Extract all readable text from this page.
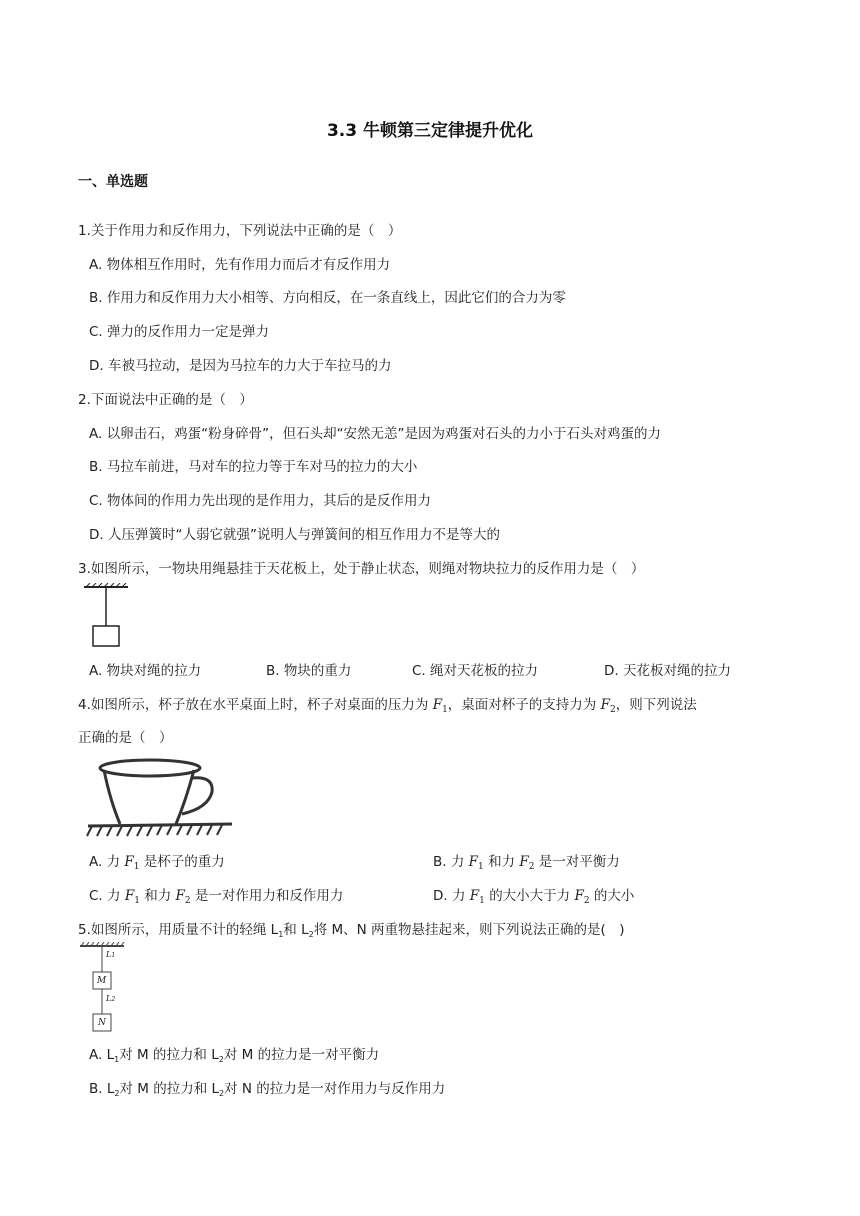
3.3 牛顿第三定律提升优化
一、单选题
1.关于作用力和反作用力，下列说法中正确的是（　）
A. 物体相互作用时，先有作用力而后才有反作用力
B. 作用力和反作用力大小相等、方向相反，在一条直线上，因此它们的合力为零
C. 弹力的反作用力一定是弹力
D. 车被马拉动，是因为马拉车的力大于车拉马的力
2.下面说法中正确的是（　）
A. 以卵击石，鸡蛋“粉身碎骨”，但石头却“安然无恙”是因为鸡蛋对石头的力小于石头对鸡蛋的力
B. 马拉车前进，马对车的拉力等于车对马的拉力的大小
C. 物体间的作用力先出现的是作用力，其后的是反作用力
D. 人压弹簧时“人弱它就强”说明人与弹簧间的相互作用力不是等大的
3.如图所示，一物块用绳悬挂于天花板上，处于静止状态，则绳对物块拉力的反作用力是（　）
A. 物块对绳的拉力	B. 物块的重力	C. 绳对天花板的拉力	D. 天花板对绳的拉力
4.如图所示，杯子放在水平桌面上时，杯子对桌面的压力为 $F_1$，桌面对杯子的支持力为 $F_2$，则下列说法
正确的是（　）
A. 力 $F_1$ 是杯子的重力	B. 力 $F_1$ 和力 $F_2$ 是一对平衡力
C. 力 $F_1$ 和力 $F_2$ 是一对作用力和反作用力	D. 力 $F_1$ 的大小大于力 $F_2$ 的大小
5.如图所示，用质量不计的轻绳 $L_1$和 $L_2$将 M、N 两重物悬挂起来，则下列说法正确的是(　)
L1
M
L2
N
A. $L_1$对 M 的拉力和 $L_2$对 M 的拉力是一对平衡力
B. $L_2$对 M 的拉力和 $L_2$对 N 的拉力是一对作用力与反作用力
